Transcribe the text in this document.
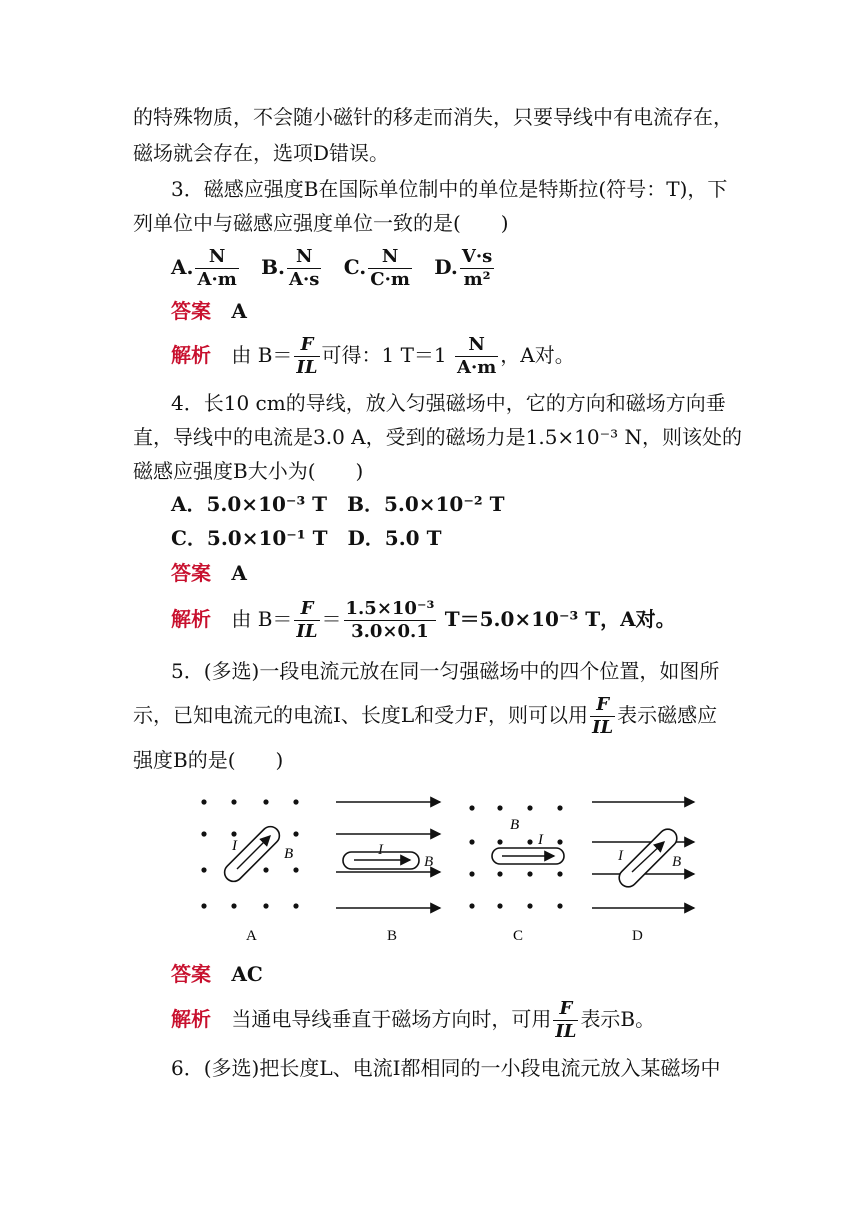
的特殊物质，不会随小磁针的移走而消失，只要导线中有电流存在，
磁场就会存在，选项D错误。
3．磁感应强度B在国际单位制中的单位是特斯拉(符号：T)，下
列单位中与磁感应强度单位一致的是(　　)
A. $\frac{N}{A\cdot m} B$. $\frac{N}{A\cdot s} C$. $\frac{N}{C\cdot m} D$. $\frac{V\cdot s}{\text{m²}}$
答案 A
解析 由 $B= \frac{F}{IL}$ 可得：1 $T=1 \frac{N}{A\cdot m}$ ，A对。
4．长10 cm的导线，放入匀强磁场中，它的方向和磁场方向垂
直，导线中的电流是3.0 A，受到的磁场力是1.5×10⁻³ N，则该处的
磁感应强度B大小为(　　)
A．5.0×10⁻³ T　B．5.0×10⁻² T
C．5.0×10⁻¹ T　D．5.0 T
答案 A
解析 由 $B= \frac{F}{IL} = \frac{\text{1.5×10⁻³}}{3.0\times 0.1} T=5.0\times 10^{-3}$ T，A对。
5．(多选)一段电流元放在同一匀强磁场中的四个位置，如图所
示，已知电流元的电流I、长度L和受力F，则可以用 $\frac{F}{IL}$ 表示磁感应
强度B的是(　　)
I	B
A
I
B
B
B
I
C
I	B
D
答案 AC
解析 当通电导线垂直于磁场方向时，可用 $\frac{F}{IL}$ 表示B。
6．(多选)把长度L、电流I都相同的一小段电流元放入某磁场中
